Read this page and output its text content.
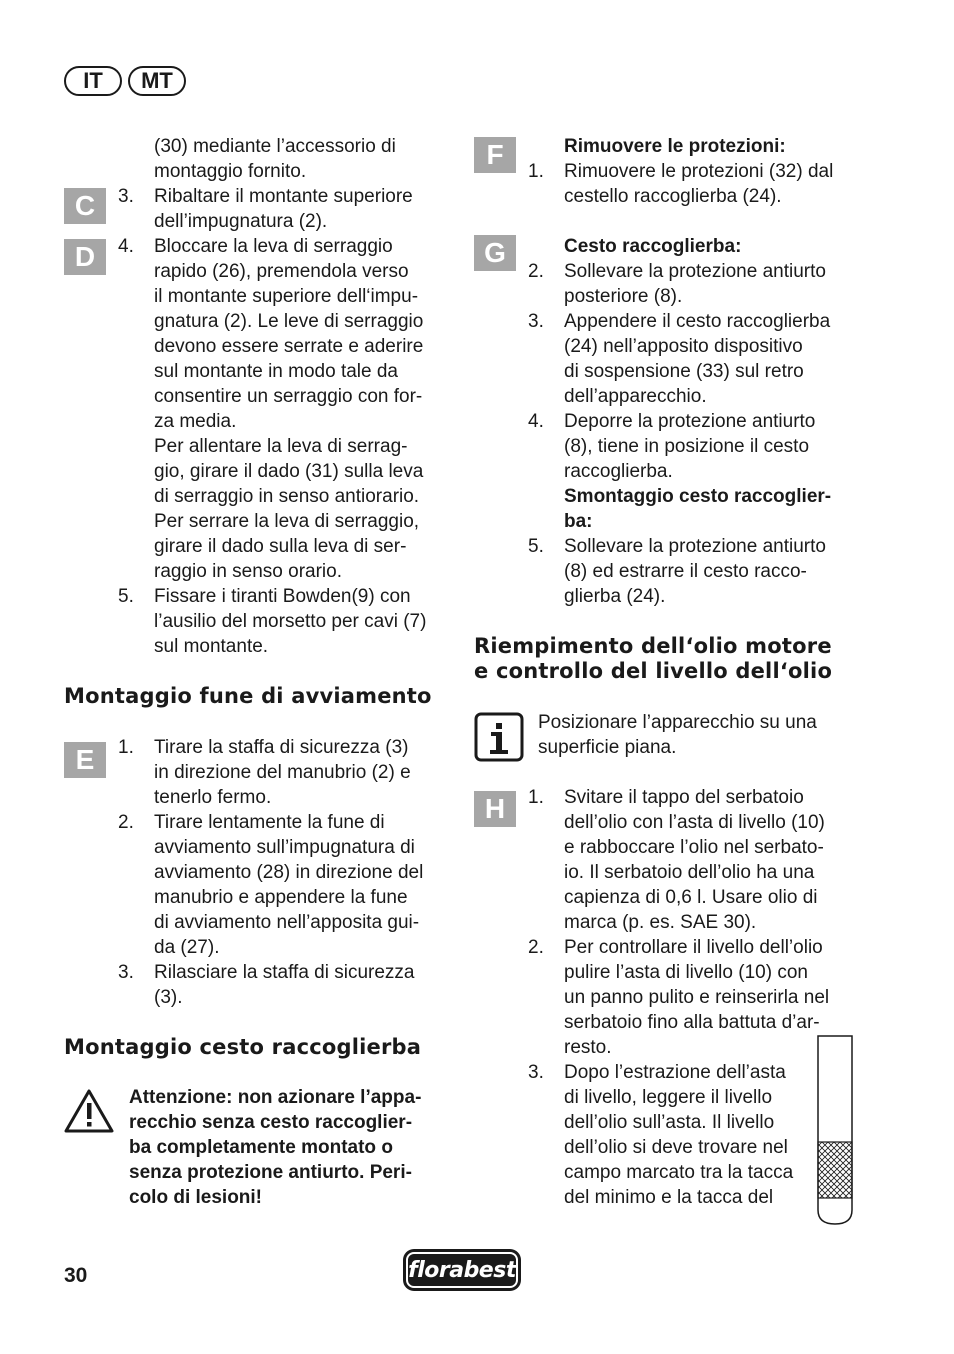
IT	MT
(30) mediante l’accessorio di
montaggio fornito.
C
D
3.	Ribaltare il montante superiore
dell’impugnatura (2).
4.	Bloccare la leva di serraggio
rapido (26), premendola verso
il montante superiore dell‘impu-
gnatura (2). Le leve di serraggio
devono essere serrate e aderire
sul montante in modo tale da
consentire un serraggio con for-
za media.
Per allentare la leva di serrag-
gio, girare il dado (31) sulla leva
di serraggio in senso antiorario.
Per serrare la leva di serraggio,
girare il dado sulla leva di ser-
raggio in senso orario.
5.	Fissare i tiranti Bowden(9) con
l’ausilio del morsetto per cavi (7)
sul montante.
Montaggio fune di avviamento
E	1.	Tirare la staffa di sicurezza (3)
in direzione del manubrio (2) e
tenerlo fermo.
2.	Tirare lentamente la fune di
avviamento sull’impugnatura di
avviamento (28) in direzione del
manubrio e appendere la fune
di avviamento nell’apposita gui-
da (27).
3.	Rilasciare la staffa di sicurezza
(3).
Montaggio cesto raccoglierba
Attenzione: non azionare l’appa-
recchio senza cesto raccoglier-
ba completamente montato o
senza protezione antiurto. Peri-
colo di lesioni!
F	Rimuovere le protezioni:
1.	Rimuovere le protezioni (32) dal
cestello raccoglierba (24).
G	Cesto raccoglierba:
2.	Sollevare la protezione antiurto
posteriore (8).
3.	Appendere il cesto raccoglierba
(24) nell’apposito dispositivo
di sospensione (33) sul retro
dell’apparecchio.
4.	Deporre la protezione antiurto
(8), tiene in posizione il cesto
raccoglierba.
Smontaggio cesto raccoglier-
ba:
5.	Sollevare la protezione antiurto
(8) ed estrarre il cesto racco-
glierba (24).
Riempimento dell‘olio motore
e controllo del livello dell‘olio
Posizionare l’apparecchio su una
superficie piana.
H	1.	Svitare il tappo del serbatoio
dell’olio con l’asta di livello (10)
e rabboccare l’olio nel serbato-
io. Il serbatoio dell’olio ha una
capienza di 0,6 l. Usare olio di
marca (p. es. SAE 30).
2.	Per controllare il livello dell’olio
pulire l’asta di livello (10) con
un panno pulito e reinserirla nel
serbatoio fino alla battuta d’ar-
resto.
3.	Dopo l’estrazione dell’asta
di livello, leggere il livello
dell’olio sull’asta. Il livello
dell’olio si deve trovare nel
campo marcato tra la tacca
del minimo e la tacca del
30	florabest
